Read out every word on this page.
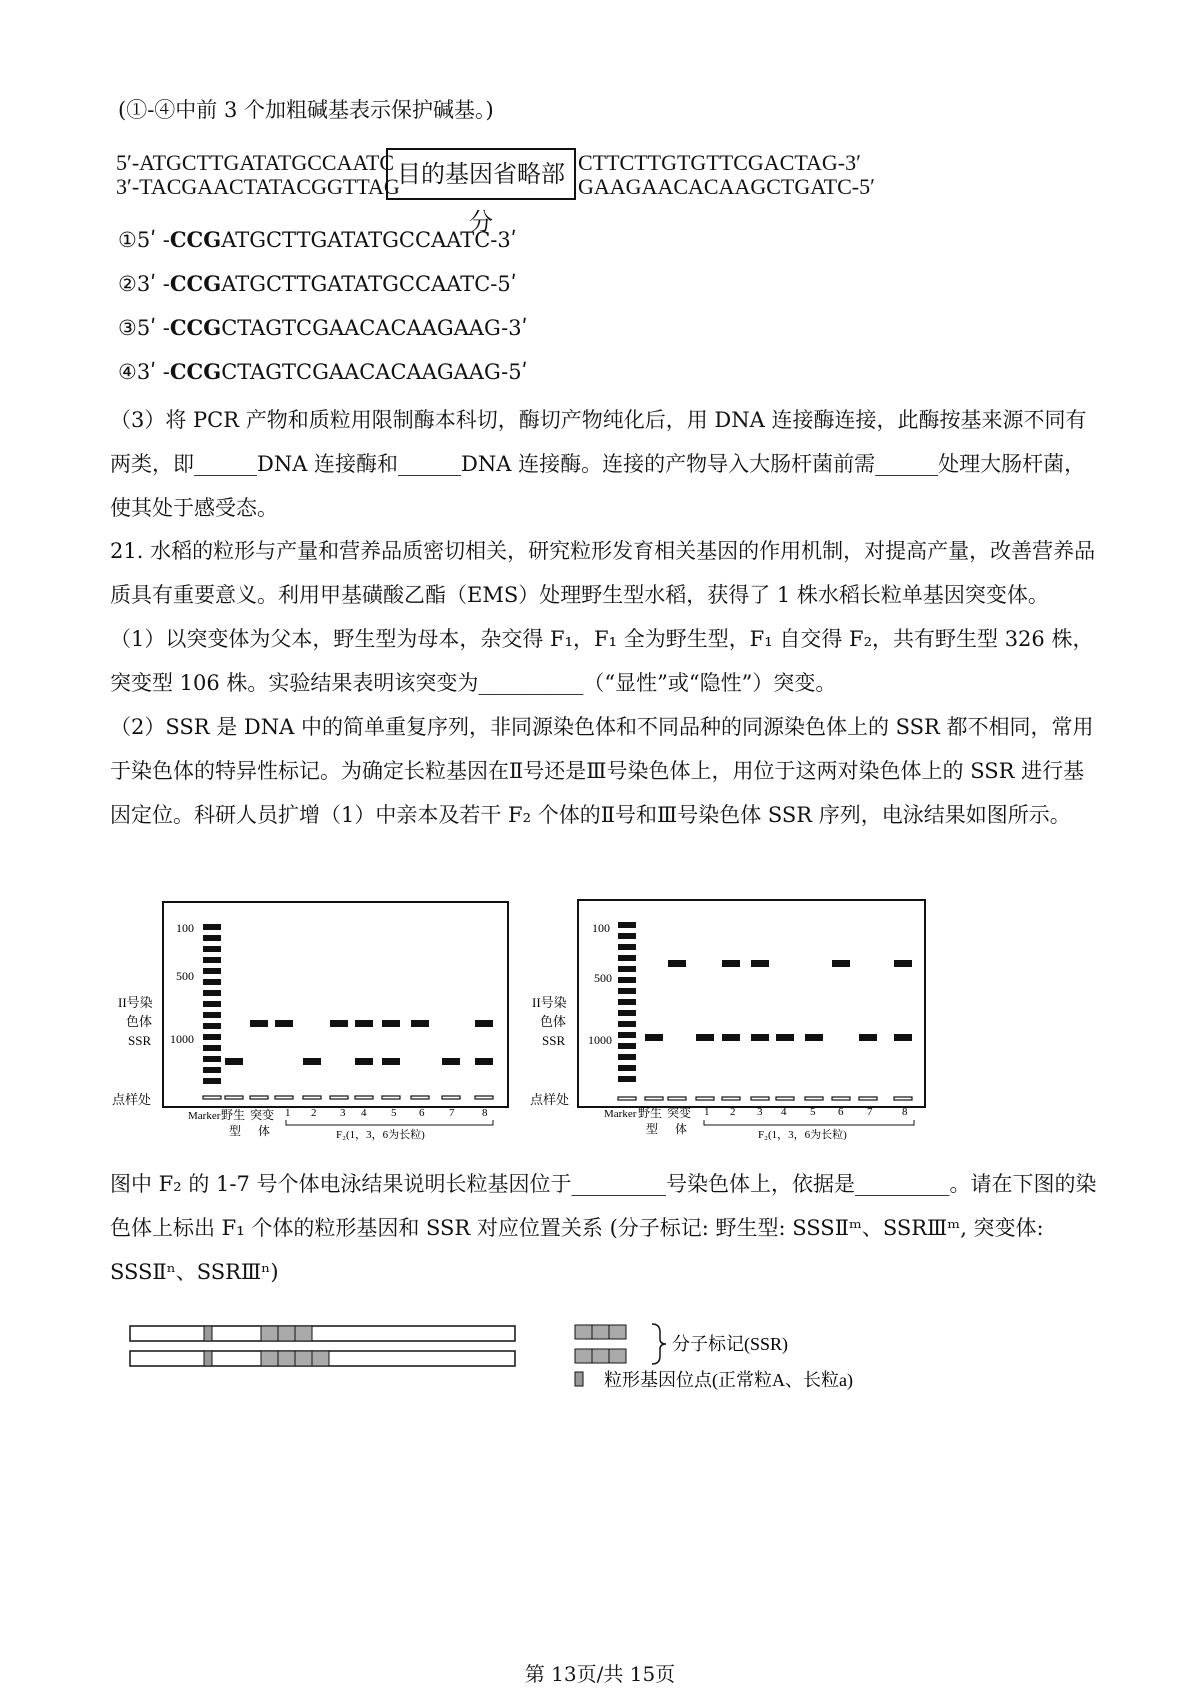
(①-④中前 3 个加粗碱基表示保护碱基。)
5ʹ-ATGCTTGATATGCCAATC
3ʹ-TACGAACTATACGGTTAG
目的基因省略部分
CTTCTTGTGTTCGACTAG-3ʹ
GAAGAACACAAGCTGATC-5ʹ
①5ʹ -CCGATGCTTGATATGCCAATC-3ʹ
②3ʹ -CCGATGCTTGATATGCCAATC-5ʹ
③5ʹ -CCGCTAGTCGAACACAAGAAG-3ʹ
④3ʹ -CCGCTAGTCGAACACAAGAAG-5ʹ
（3）将 PCR 产物和质粒用限制酶本科切，酶切产物纯化后，用 DNA 连接酶连接，此酶按基来源不同有两类，即______DNA 连接酶和______DNA 连接酶。连接的产物导入大肠杆菌前需______处理大肠杆菌，使其处于感受态。
21. 水稻的粒形与产量和营养品质密切相关，研究粒形发育相关基因的作用机制，对提高产量，改善营养品质具有重要意义。利用甲基磺酸乙酯（EMS）处理野生型水稻，获得了 1 株水稻长粒单基因突变体。
（1）以突变体为父本，野生型为母本，杂交得 F₁，F₁ 全为野生型，F₁ 自交得 F₂，共有野生型 326 株，突变型 106 株。实验结果表明该突变为__________（“显性”或“隐性”）突变。
（2）SSR 是 DNA 中的简单重复序列，非同源染色体和不同品种的同源染色体上的 SSR 都不相同，常用于染色体的特异性标记。为确定长粒基因在Ⅱ号还是Ⅲ号染色体上，用位于这两对染色体上的 SSR 进行基因定位。科研人员扩增（1）中亲本及若干 F₂ 个体的Ⅱ号和Ⅲ号染色体 SSR 序列，电泳结果如图所示。
II号染
色体
SSR
100
500
1000
点样处
Marker 野生 突变
型 体
1 2 3 4 5 6 7	8
F₂(1，3，6为长粒)
II号染
色体
SSR
100
500
1000
点样处
Marker 野生 突变
型 体
1 2 3 4 5 6 7	8
F₂(1，3，6为长粒)
图中 F₂ 的 1-7 号个体电泳结果说明长粒基因位于_________号染色体上，依据是_________。请在下图的染色体上标出 F₁ 个体的粒形基因和 SSR 对应位置关系 (分子标记: 野生型: SSSⅡᵐ、SSRⅢᵐ, 突变体: SSSⅡⁿ、SSRⅢⁿ)
分子标记(SSR)
粒形基因位点(正常粒A、长粒a)
第 13页/共 15页
